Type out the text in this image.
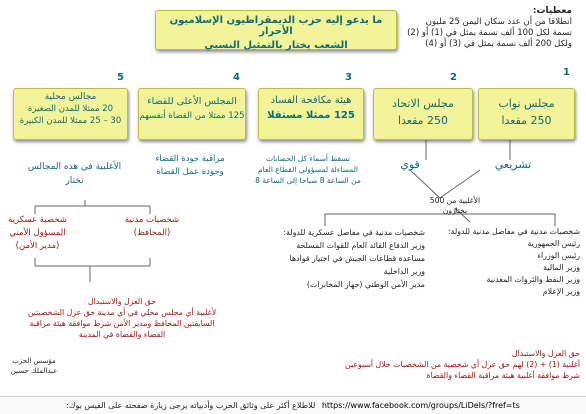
ما يدعو إليه حزب الديمقراطيون الإسلاميون الأحرار
الشعب يختار بالتمثيل النسبي
معطيات:
انطلاقا من أن عدد سكان اليمن 25 مليون
نسمة لكل 100 ألف نسمة يمثل في (1) أو (2)
ولكل 200 ألف نسمة يمثل في (3) أو (4)
1
2
3
4
5
مجلس نواب
250 مقعدا
مجلس الاتحاد
250 مقعدا
هيئة مكافحة الفساد
125 ممثلا مستقلا
المجلس الأعلى للقضاء
125 ممثلا من القضاة أنفسهم
مجالس محلية
20 ممثلا للمدن الصغيرة
30 – 25 ممثلا للمدن الكبيرة
تشريعي
قوي
الأغلبية من 500
يختارون
تسقط أسماء كل الحصانات
المساءلة لمسؤولي القطاع العام
من الساعة 8 صباحا إلى الساعة 8
مراقبة جودة القضاء
وجودة عمل القضاة
الأغلبية في هذه المجالس
تختار
شخصيات مدنية في مفاصل مدنية للدولة:
رئيس الجمهورية
رئيس الوزراء
وزير المالية
وزير النفط والثروات المعدنية
وزير الإعلام
شخصيات مدنية في مفاصل عسكرية للدولة:
وزير الدفاع القائد العام للقوات المسلحة
مساعدة قطاعات الجيش في اختيار قوادها
وزير الداخلية
مدير الأمن الوطني (جهاز المخابرات)
حق العزل والاستبدال
أغلبية (1) + (2) لهم حق عزل أي شخصية من الشخصيات خلال أسبوعين
شرط موافقة أغلبية هيئة مراقبة القضاء والقضاة
شخصيات مدنية
(المحافظ)
شخصية عسكرية
المسؤول الأمني
(مدير الأمن)
حق العزل والاستبدال
لأغلبية أي مجلس محلي في أي مدينة حق عزل الشخصيتين
السابقتين المحافظ ومدير الأمن شرط موافقة هيئة مراقبة
القضاء والقضاة في المدينة
مؤسس الحزب
عبدالملك حسين
للاطلاع أكثر على وثائق الحزب وأدبياته يرجى زيارة صفحته على الفيس بوك: https://www.facebook.com/groups/LiDeIs/?fref=ts
